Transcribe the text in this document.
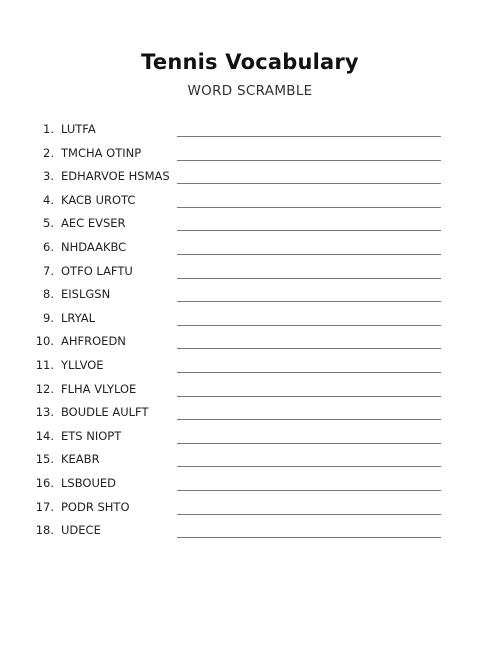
Tennis Vocabulary
WORD SCRAMBLE
1. LUTFA
2. TMCHA OTINP
3. EDHARVOE HSMAS
4. KACB UROTC
5. AEC EVSER
6. NHDAAKBC
7. OTFO LAFTU
8. EISLGSN
9. LRYAL
10. AHFROEDN
11. YLLVOE
12. FLHA VLYLOE
13. BOUDLE AULFT
14. ETS NIOPT
15. KEABR
16. LSBOUED
17. PODR SHTO
18. UDECE
